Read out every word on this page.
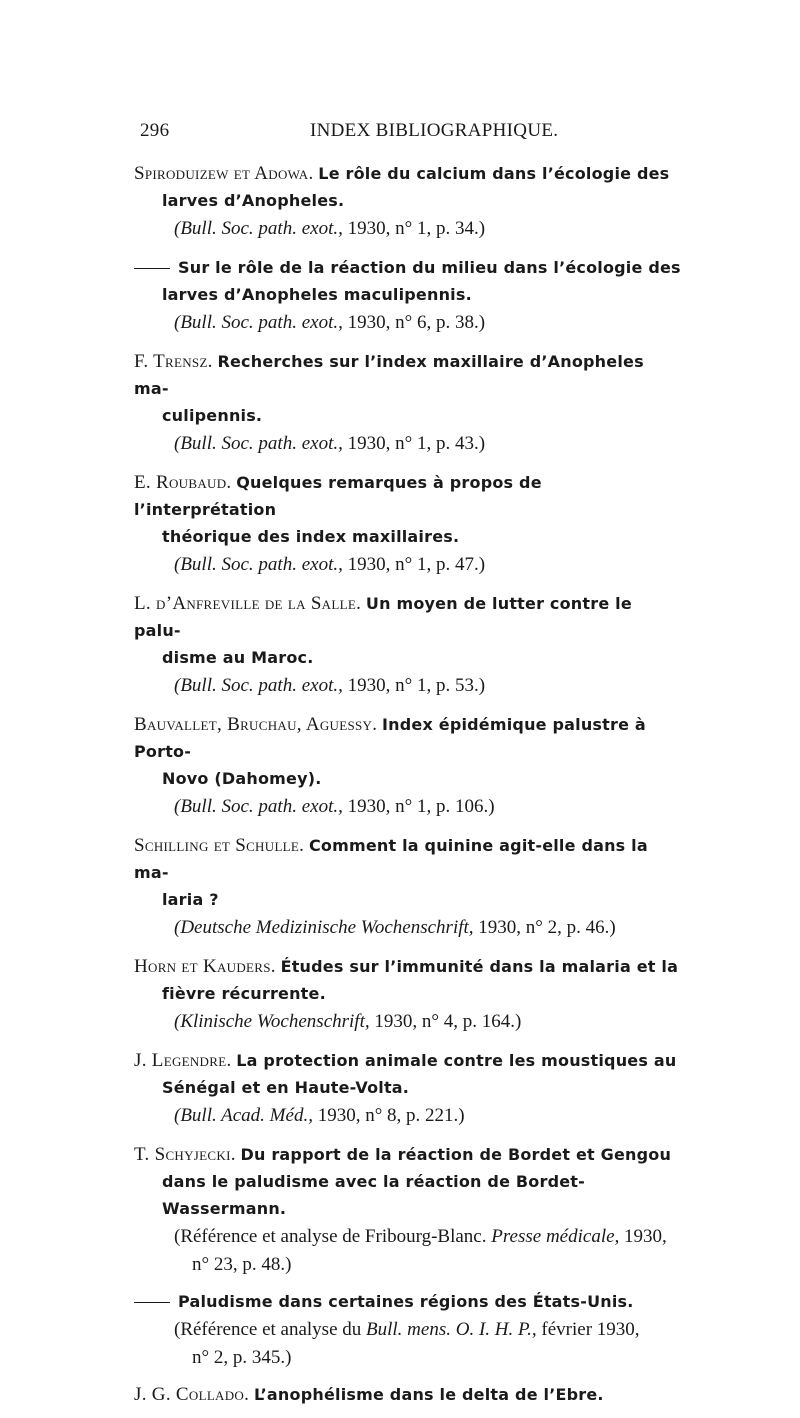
296	INDEX BIBLIOGRAPHIQUE.
Spiroduizew et Adowa. Le rôle du calcium dans l’écologie des
larves d’Anopheles.
(Bull. Soc. path. exot., 1930, n° 1, p. 34.)
Sur le rôle de la réaction du milieu dans l’écologie des
larves d’Anopheles maculipennis.
(Bull. Soc. path. exot., 1930, n° 6, p. 38.)
F. Trensz. Recherches sur l’index maxillaire d’Anopheles ma-
culipennis.
(Bull. Soc. path. exot., 1930, n° 1, p. 43.)
E. Roubaud. Quelques remarques à propos de l’interprétation
théorique des index maxillaires.
(Bull. Soc. path. exot., 1930, n° 1, p. 47.)
L. d’Anfreville de la Salle. Un moyen de lutter contre le palu-
disme au Maroc.
(Bull. Soc. path. exot., 1930, n° 1, p. 53.)
Bauvallet, Bruchau, Aguessy. Index épidémique palustre à Porto-
Novo (Dahomey).
(Bull. Soc. path. exot., 1930, n° 1, p. 106.)
Schilling et Schulle. Comment la quinine agit-elle dans la ma-
laria ?
(Deutsche Medizinische Wochenschrift, 1930, n° 2, p. 46.)
Horn et Kauders. Études sur l’immunité dans la malaria et la
fièvre récurrente.
(Klinische Wochenschrift, 1930, n° 4, p. 164.)
J. Legendre. La protection animale contre les moustiques au
Sénégal et en Haute-Volta.
(Bull. Acad. Méd., 1930, n° 8, p. 221.)
T. Schyjecki. Du rapport de la réaction de Bordet et Gengou
dans le paludisme avec la réaction de Bordet-Wassermann.
(Référence et analyse de Fribourg-Blanc. Presse médicale, 1930,
n° 23, p. 48.)
Paludisme dans certaines régions des États-Unis.
(Référence et analyse du Bull. mens. O. I. H. P., février 1930,
n° 2, p. 345.)
J. G. Collado. L’anophélisme dans le delta de l’Ebre.
